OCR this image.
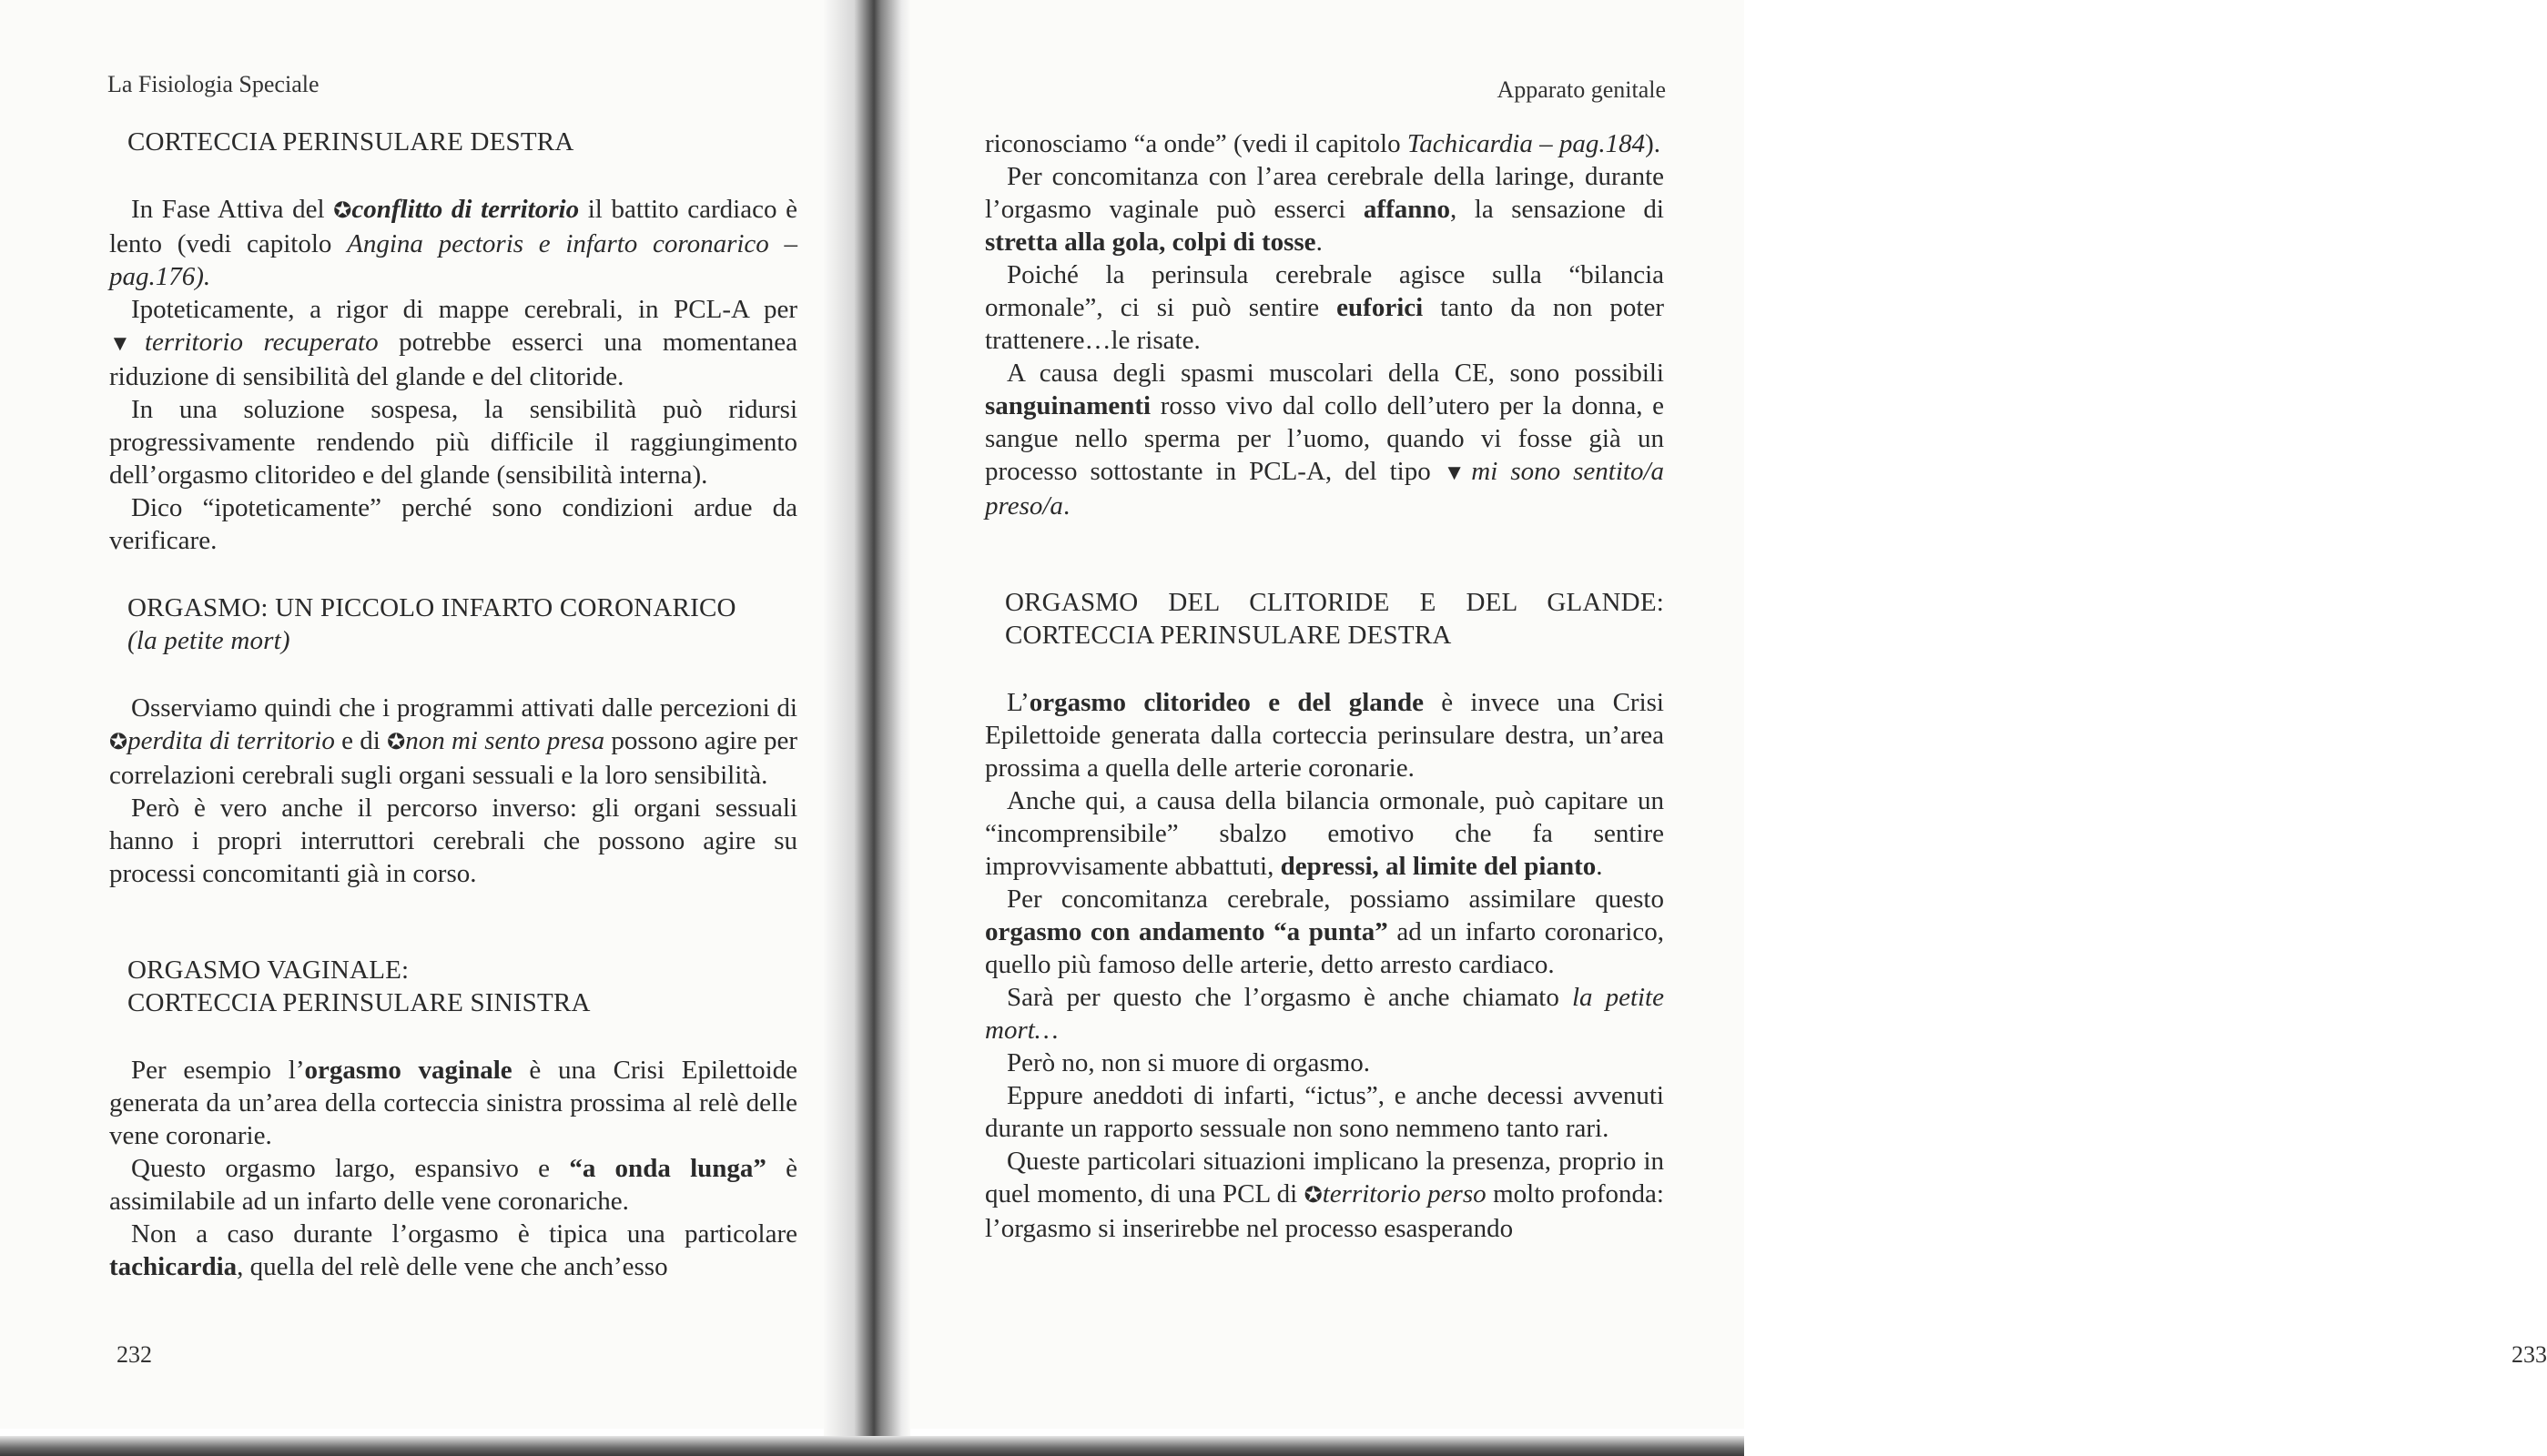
La Fisiologia Speciale

CORTECCIA PERINSULARE DESTRA

In Fase Attiva del ✪conflitto di territorio il battito cardiaco è lento (vedi capitolo Angina pectoris e infarto coronarico – pag.176).

Ipoteticamente, a rigor di mappe cerebrali, in PCL-A per ▼territorio recuperato potrebbe esserci una momentanea riduzione di sensibilità del glande e del clitoride.

In una soluzione sospesa, la sensibilità può ridursi progressivamente rendendo più difficile il raggiungimento dell’orgasmo clitorideo e del glande (sensibilità interna).

Dico “ipoteticamente” perché sono condizioni ardue da verificare.

ORGASMO: UN PICCOLO INFARTO CORONARICO
(la petite mort)

Osserviamo quindi che i programmi attivati dalle percezioni di ✪perdita di territorio e di ✪non mi sento presa possono agire per correlazioni cerebrali sugli organi sessuali e la loro sensibilità.

Però è vero anche il percorso inverso: gli organi sessuali hanno i propri interruttori cerebrali che possono agire su processi concomitanti già in corso.

ORGASMO VAGINALE:
CORTECCIA PERINSULARE SINISTRA

Per esempio l’orgasmo vaginale è una Crisi Epilettoide generata da un’area della corteccia sinistra prossima al relè delle vene coronarie.

Questo orgasmo largo, espansivo e “a onda lunga” è assimilabile ad un infarto delle vene coronariche.

Non a caso durante l’orgasmo è tipica una particolare tachicardia, quella del relè delle vene che anch’esso

232
Apparato genitale
233

riconosciamo “a onde” (vedi il capitolo Tachicardia – pag.184).

Per concomitanza con l’area cerebrale della laringe, durante l’orgasmo vaginale può esserci affanno, la sensazione di stretta alla gola, colpi di tosse.

Poiché la perinsula cerebrale agisce sulla “bilancia ormonale”, ci si può sentire euforici tanto da non poter trattenere…le risate.

A causa degli spasmi muscolari della CE, sono possibili sanguinamenti rosso vivo dal collo dell’utero per la donna, e sangue nello sperma per l’uomo, quando vi fosse già un processo sottostante in PCL-A, del tipo ▼mi sono sentito/a preso/a.

ORGASMO DEL CLITORIDE E DEL GLANDE:
CORTECCIA PERINSULARE DESTRA

L’orgasmo clitorideo e del glande è invece una Crisi Epilettoide generata dalla corteccia perinsulare destra, un’area prossima a quella delle arterie coronarie.

Anche qui, a causa della bilancia ormonale, può capitare un “incomprensibile” sbalzo emotivo che fa sentire improvvisamente abbattuti, depressi, al limite del pianto.

Per concomitanza cerebrale, possiamo assimilare questo orgasmo con andamento “a punta” ad un infarto coronarico, quello più famoso delle arterie, detto arresto cardiaco.

Sarà per questo che l’orgasmo è anche chiamato la petite mort…

Però no, non si muore di orgasmo.

Eppure aneddoti di infarti, “ictus”, e anche decessi avvenuti durante un rapporto sessuale non sono nemmeno tanto rari.

Queste particolari situazioni implicano la presenza, proprio in quel momento, di una PCL di ✪territorio perso molto profonda: l’orgasmo si inserirebbe nel processo esasperando
